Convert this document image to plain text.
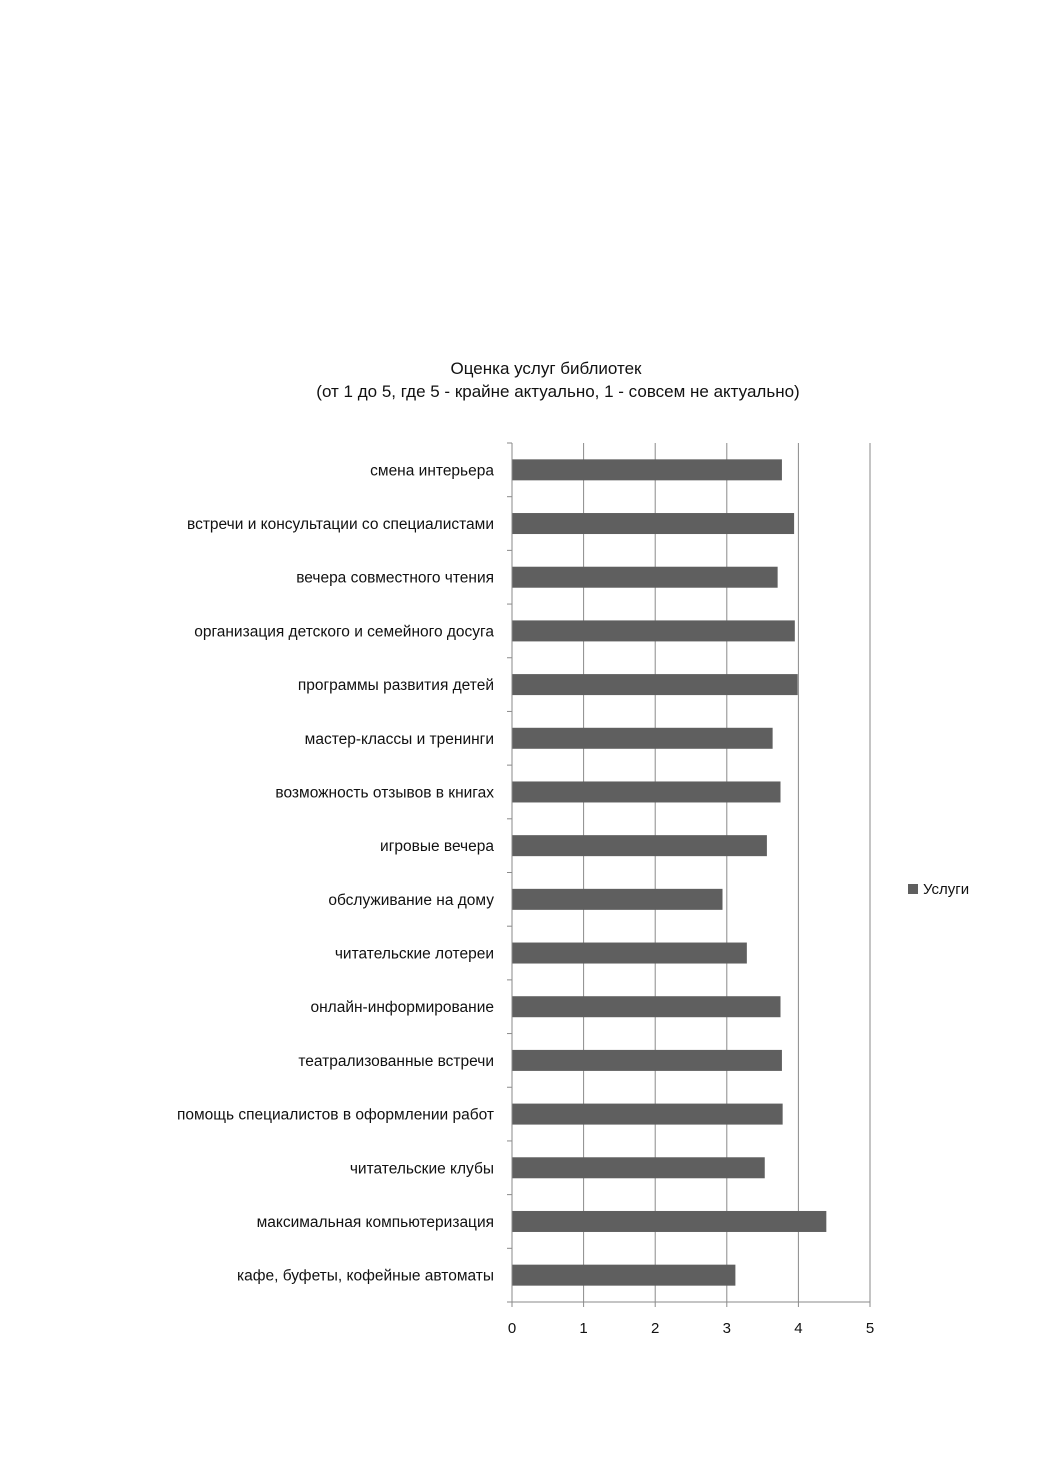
Оценка услуг библиотек
(от 1 до 5, где 5 - крайне актуально, 1 - совсем не актуально)
0	1	2	3	4	5
смена интерьера
встречи и консультации со специалистами
вечера совместного чтения
организация детского и семейного досуга
программы развития детей
мастер-классы и тренинги
возможность отзывов в книгах
игровые вечера
обслуживание на дому
читательские лотереи
онлайн-информирование
театрализованные встречи
помощь специалистов в оформлении работ
читательские клубы
максимальная компьютеризация
кафе, буфеты, кофейные автоматы
Услуги
